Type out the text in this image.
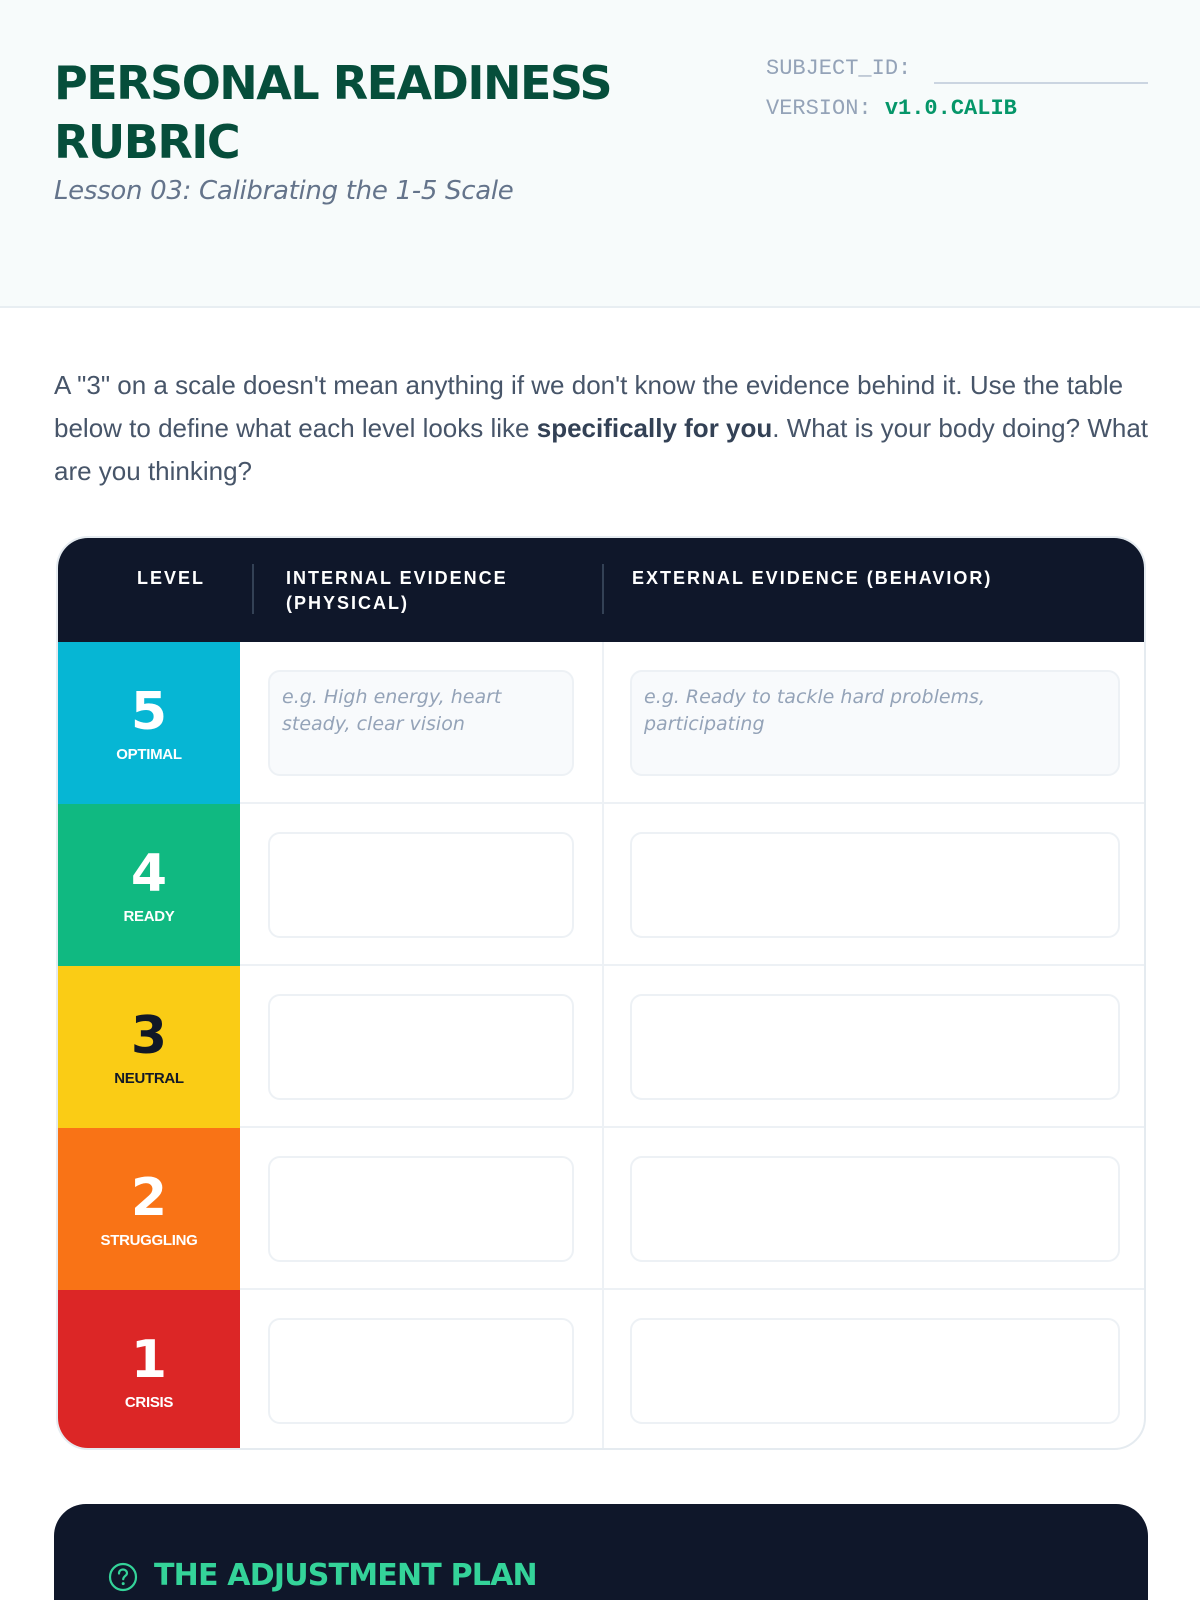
PERSONAL READINESS RUBRIC
Lesson 03: Calibrating the 1-5 Scale
SUBJECT_ID:
VERSION: v1.0.CALIB

A "3" on a scale doesn't mean anything if we don't know the evidence behind it. Use the table below to define what each level looks like specifically for you. What is your body doing? What are you thinking?

LEVEL	INTERNAL EVIDENCE (PHYSICAL)
EXTERNAL EVIDENCE (BEHAVIOR)
5
OPTIMAL
e.g. High energy, heart steady, clear vision
e.g. Ready to tackle hard problems, participating
4
READY
3
NEUTRAL
2
STRUGGLING
1
CRISIS
THE ADJUSTMENT PLAN
